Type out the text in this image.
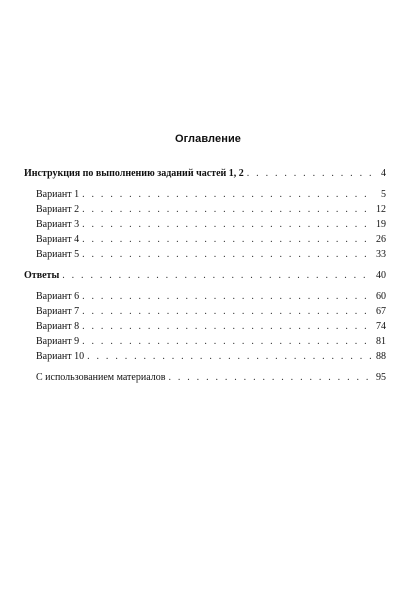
Оглавление
Инструкция по выполнению заданий частей 1, 2 . . .	4
Вариант 1 . . .	5
Вариант 2 . . .	12
Вариант 3 . . .	19
Вариант 4 . . .	26
Вариант 5 . . .	33
Ответы . . .	40
Вариант 6 . . .	60
Вариант 7 . . .	67
Вариант 8 . . .	74
Вариант 9 . . .	81
Вариант 10 . . .	88
С использованием материалов . . .	95
